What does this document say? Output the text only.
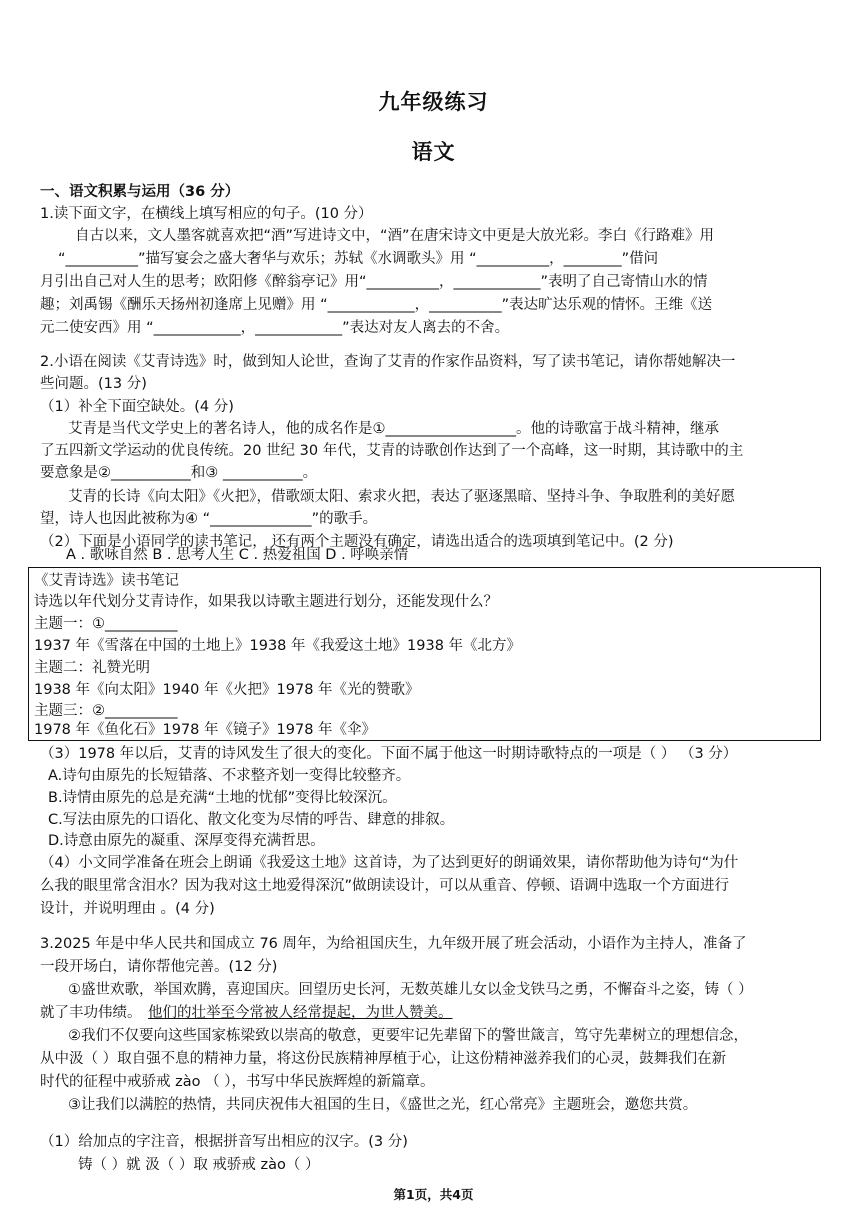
九年级练习
语文
一、语文积累与运用（36 分）
1.读下面文字，在横线上填写相应的句子。(10 分）
自古以来，文人墨客就喜欢把“酒”写进诗文中，“酒”在唐宋诗文中更是大放光彩。李白《行路难》用
“__________”描写宴会之盛大奢华与欢乐；苏轼《水调歌头》用 “__________，________”借问
月引出自己对人生的思考；欧阳修《醉翁亭记》用“__________，____________”表明了自己寄情山水的情
趣；刘禹锡《酬乐天扬州初逢席上见赠》用 “____________，__________”表达旷达乐观的情怀。王维《送
元二使安西》用 “____________，____________”表达对友人离去的不舍。
2.小语在阅读《艾青诗选》时，做到知人论世，查询了艾青的作家作品资料，写了读书笔记，请你帮她解决一
些问题。(13 分)
（1）补全下面空缺处。(4 分)
艾青是当代文学史上的著名诗人，他的成名作是①__________________。他的诗歌富于战斗精神，继承
了五四新文学运动的优良传统。20 世纪 30 年代，艾青的诗歌创作达到了一个高峰，这一时期，其诗歌中的主
要意象是②___________和③ ___________。
艾青的长诗《向太阳》《火把》，借歌颂太阳、索求火把，表达了驱逐黑暗、坚持斗争、争取胜利的美好愿
望，诗人也因此被称为④ “______________”的歌手。
（2）下面是小语同学的读书笔记， 还有两个主题没有确定，请选出适合的选项填到笔记中。(2 分)
A . 歌咏自然 B . 思考人生 C . 热爱祖国 D . 呼唤亲情
《艾青诗选》读书笔记
诗选以年代划分艾青诗作，如果我以诗歌主题进行划分，还能发现什么？
主题一：①__________
1937 年《雪落在中国的土地上》1938 年《我爱这土地》1938 年《北方》
主题二：礼赞光明
1938 年《向太阳》1940 年《火把》1978 年《光的赞歌》
主题三：②__________
1978 年《鱼化石》1978 年《镜子》1978 年《伞》
（3）1978 年以后，艾青的诗风发生了很大的变化。下面不属于他这一时期诗歌特点的一项是（ ） （3 分）
A.诗句由原先的长短错落、不求整齐划一变得比较整齐。
B.诗情由原先的总是充满“土地的忧郁”变得比较深沉。
C.写法由原先的口语化、散文化变为尽情的呼告、肆意的排叙。
D.诗意由原先的凝重、深厚变得充满哲思。
（4）小文同学准备在班会上朗诵《我爱这土地》这首诗，为了达到更好的朗诵效果，请你帮助他为诗句“为什
么我的眼里常含泪水？因为我对这土地爱得深沉”做朗读设计，可以从重音、停顿、语调中选取一个方面进行
设计，并说明理由 。(4 分)
3.2025 年是中华人民共和国成立 76 周年，为给祖国庆生，九年级开展了班会活动，小语作为主持人，准备了
一段开场白，请你帮他完善。(12 分)
①盛世欢歌，举国欢腾，喜迎国庆。回望历史长河，无数英雄儿女以金戈铁马之勇，不懈奋斗之姿，铸（ ）
就了丰功伟绩。 他们的壮举至今常被人经常提起，为世人赞美。
②我们不仅要向这些国家栋梁致以崇高的敬意，更要牢记先辈留下的警世箴言，笃守先辈树立的理想信念，
从中汲（ ）取自强不息的精神力量，将这份民族精神厚植于心，让这份精神滋养我们的心灵，鼓舞我们在新
时代的征程中戒骄戒 zào （ ），书写中华民族辉煌的新篇章。
③让我们以满腔的热情，共同庆祝伟大祖国的生日，《盛世之光，红心常亮》主题班会，邀您共赏。
（1）给加点的字注音，根据拼音写出相应的汉字。(3 分)
铸（ ）就 汲（ ）取 戒骄戒 zào（ ）
第1页，共4页
